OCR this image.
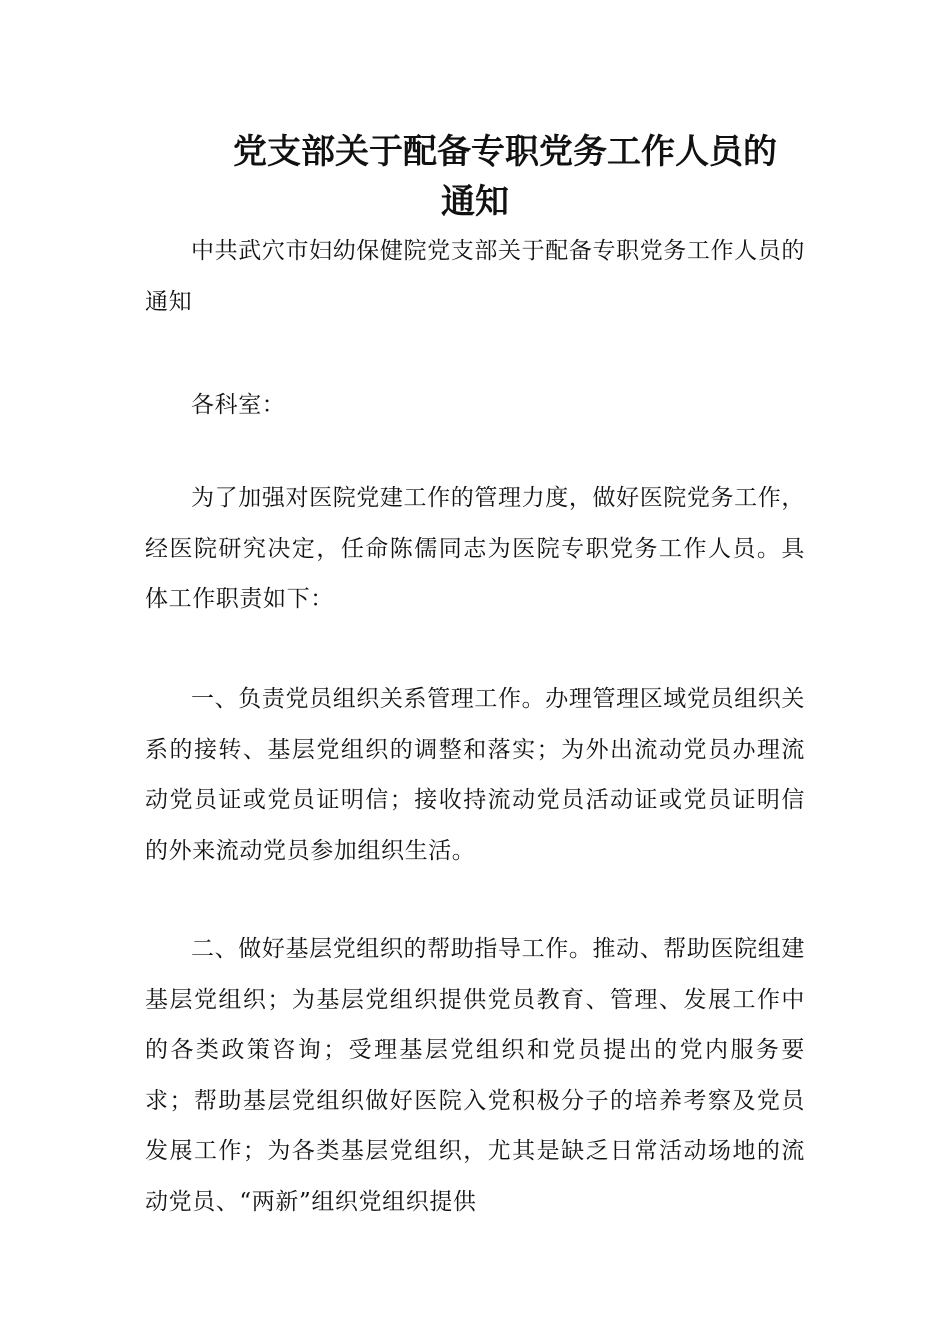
党支部关于配备专职党务工作人员的
通知

中共武穴市妇幼保健院党支部关于配备专职党务工作人员的通知

各科室：

为了加强对医院党建工作的管理力度，做好医院党务工作，经医院研究决定，任命陈儒同志为医院专职党务工作人员。具体工作职责如下：

一、负责党员组织关系管理工作。办理管理区域党员组织关系的接转、基层党组织的调整和落实；为外出流动党员办理流动党员证或党员证明信；接收持流动党员活动证或党员证明信的外来流动党员参加组织生活。

二、做好基层党组织的帮助指导工作。推动、帮助医院组建基层党组织；为基层党组织提供党员教育、管理、发展工作中的各类政策咨询；受理基层党组织和党员提出的党内服务要求；帮助基层党组织做好医院入党积极分子的培养考察及党员发展工作；为各类基层党组织，尤其是缺乏日常活动场地的流动党员、“两新”组织党组织提供
